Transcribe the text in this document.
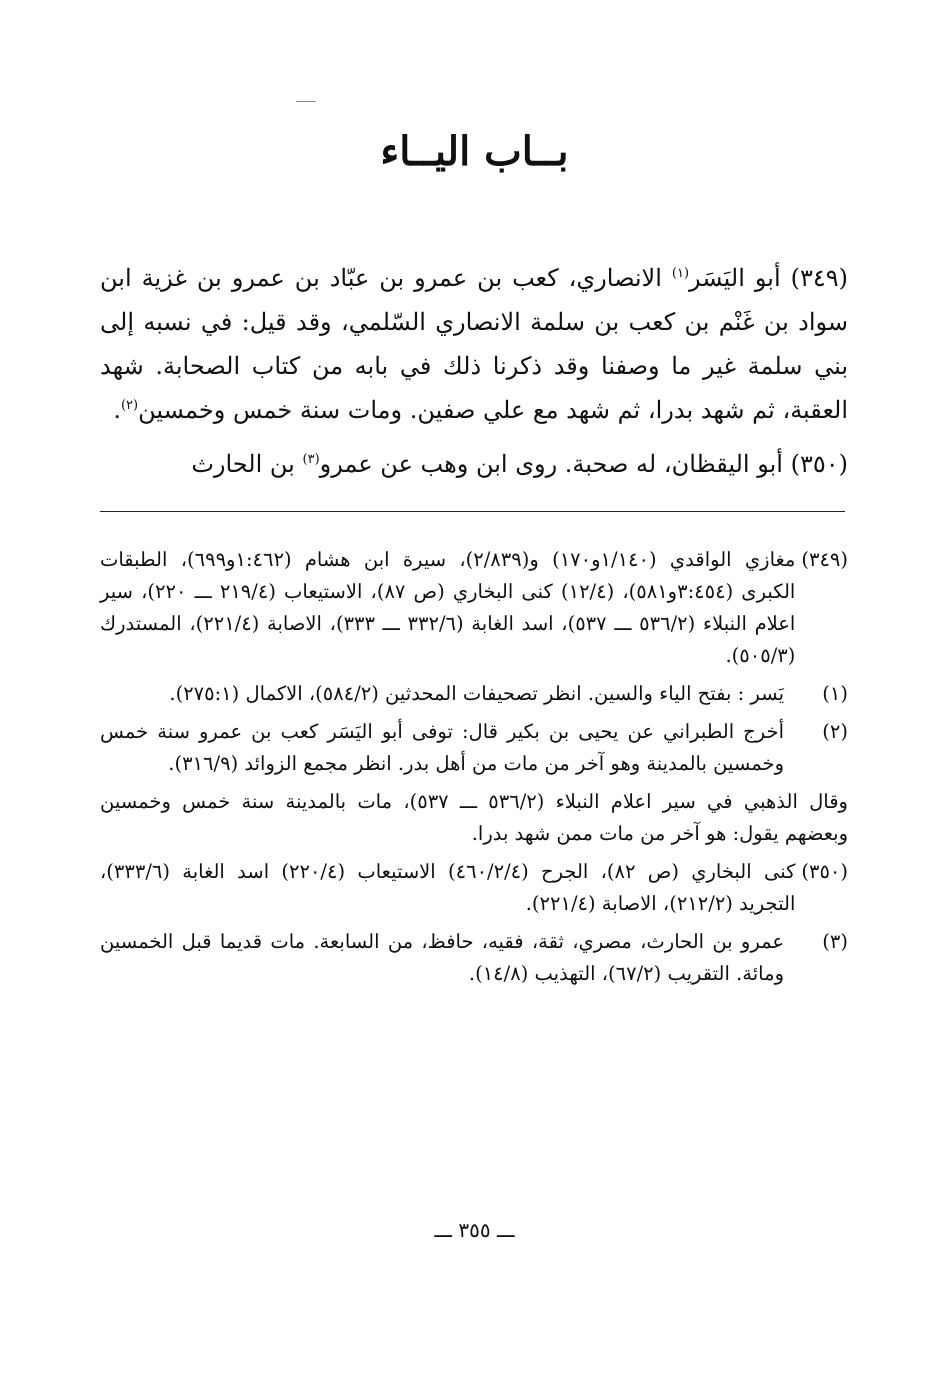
بــاب اليــاء

(٣٤٩) أبو اليَسَر$^{(١)}$ الانصاري، كعب بن عمرو بن عبّاد بن عمرو بن غزية ابن سواد بن غَنْم بن كعب بن سلمة الانصاري السّلمي، وقد قيل: في نسبه إلى بني سلمة غير ما وصفنا وقد ذكرنا ذلك في بابه من كتاب الصحابة. شهد العقبة، ثم شهد بدرا، ثم شهد مع علي صفين. ومات سنة خمس وخمسين$^{(٢)}$.

(٣٥٠) أبو اليقظان، له صحبة. روى ابن وهب عن عمرو$^{(٣)}$ بن الحارث

(٣٤٩)
مغازي الواقدي (١/١٤٠و١٧٠) و(٢/٨٣٩)، سيرة ابن هشام (١:٤٦٢و٦٩٩)، الطبقات الكبرى (٣:٤٥٤و٥٨١)، (١٢/٤) كنى البخاري (ص ٨٧)، الاستيعاب (٢١٩/٤ ـــ ٢٢٠)، سير اعلام النبلاء (٥٣٦/٢ ـــ ٥٣٧)، اسد الغابة (٣٣٢/٦ ـــ ٣٣٣)، الاصابة (٢٢١/٤)، المستدرك (٥٠٥/٣).
(١)
يَسر : بفتح الياء والسين. انظر تصحيفات المحدثين (٥٨٤/٢)، الاكمال (٢٧٥:١).
(٢)
أخرج الطبراني عن يحيى بن بكير قال: توفى أبو اليَسَر كعب بن عمرو سنة خمس وخمسين بالمدينة وهو آخر من مات من أهل بدر. انظر مجمع الزوائد (٣١٦/٩).
وقال الذهبي في سير اعلام النبلاء (٥٣٦/٢ ـــ ٥٣٧)، مات بالمدينة سنة خمس وخمسين وبعضهم يقول: هو آخر من مات ممن شهد بدرا.
(٣٥٠)
كنى البخاري (ص ٨٢)، الجرح (٤٦٠/٢/٤) الاستيعاب (٢٢٠/٤) اسد الغابة (٣٣٣/٦)، التجريد (٢١٢/٢)، الاصابة (٢٢١/٤).
(٣)
عمرو بن الحارث، مصري، ثقة، فقيه، حافظ، من السابعة. مات قديما قبل الخمسين ومائة. التقريب (٦٧/٢)، التهذيب (١٤/٨).
ـــ ٣٥٥ ـــ
